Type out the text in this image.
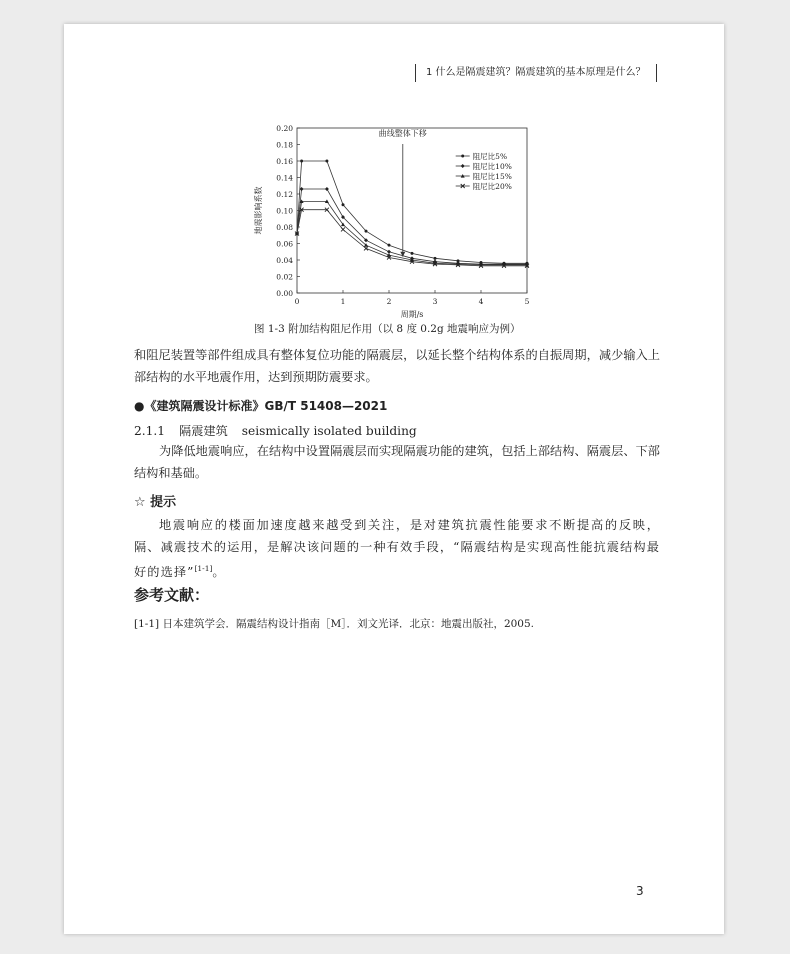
1 什么是隔震建筑？隔震建筑的基本原理是什么？
0.00
0.02
0.04
0.06
0.08
0.10
0.12
0.14
0.16
0.18
0.20
0	1	2	3	4	5
周期/s
地震影响系数
曲线整体下移
阻尼比5%
阻尼比10%
阻尼比15%
阻尼比20%
图 1-3 附加结构阻尼作用（以 8 度 0.2g 地震响应为例）
和阻尼装置等部件组成具有整体复位功能的隔震层，以延长整个结构体系的自振周期，减少输入上部结构的水平地震作用，达到预期防震要求。
●《建筑隔震设计标准》GB/T 51408—2021
2.1.1 隔震建筑 seismically isolated building
为降低地震响应，在结构中设置隔震层而实现隔震功能的建筑，包括上部结构、隔震层、下部结构和基础。
☆ 提示
地震响应的楼面加速度越来越受到关注，是对建筑抗震性能要求不断提高的反映，隔、减震技术的运用，是解决该问题的一种有效手段，“隔震结构是实现高性能抗震结构最好的选择”[1-1]。
参考文献：
[1-1] 日本建筑学会．隔震结构设计指南［M］．刘文光译．北京：地震出版社，2005.
3
